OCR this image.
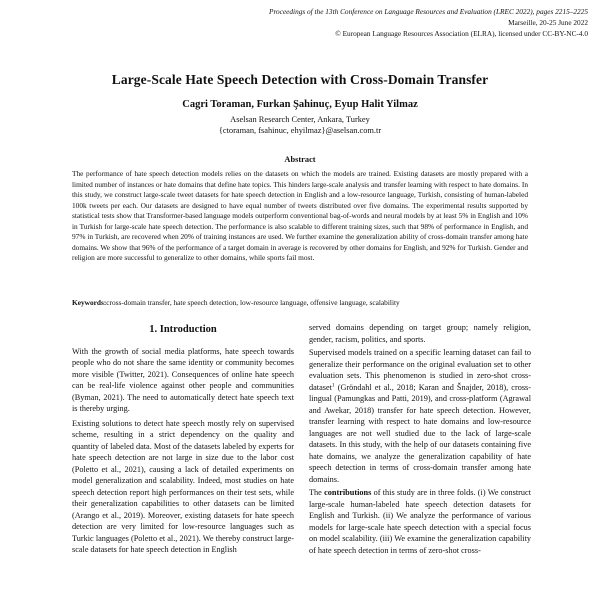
Proceedings of the 13th Conference on Language Resources and Evaluation (LREC 2022), pages 2215–2225
Marseille, 20-25 June 2022
© European Language Resources Association (ELRA), licensed under CC-BY-NC-4.0
Large-Scale Hate Speech Detection with Cross-Domain Transfer
Cagri Toraman, Furkan Şahinuç, Eyup Halit Yilmaz
Aselsan Research Center, Ankara, Turkey
{ctoraman, fsahinuc, ehyilmaz}@aselsan.com.tr
Abstract
The performance of hate speech detection models relies on the datasets on which the models are trained. Existing datasets are mostly prepared with a limited number of instances or hate domains that define hate topics. This hinders large-scale analysis and transfer learning with respect to hate domains. In this study, we construct large-scale tweet datasets for hate speech detection in English and a low-resource language, Turkish, consisting of human-labeled 100k tweets per each. Our datasets are designed to have equal number of tweets distributed over five domains. The experimental results supported by statistical tests show that Transformer-based language models outperform conventional bag-of-words and neural models by at least 5% in English and 10% in Turkish for large-scale hate speech detection. The performance is also scalable to different training sizes, such that 98% of performance in English, and 97% in Turkish, are recovered when 20% of training instances are used. We further examine the generalization ability of cross-domain transfer among hate domains. We show that 96% of the performance of a target domain in average is recovered by other domains for English, and 92% for Turkish. Gender and religion are more successful to generalize to other domains, while sports fail most.
Keywords:cross-domain transfer, hate speech detection, low-resource language, offensive language, scalability
1. Introduction

With the growth of social media platforms, hate speech towards people who do not share the same identity or community becomes more visible (Twitter, 2021). Consequences of online hate speech can be real-life violence against other people and communities (Byman, 2021). The need to automatically detect hate speech text is thereby urging.

Existing solutions to detect hate speech mostly rely on supervised scheme, resulting in a strict dependency on the quality and quantity of labeled data. Most of the datasets labeled by experts for hate speech detection are not large in size due to the labor cost (Poletto et al., 2021), causing a lack of detailed experiments on model generalization and scalability. Indeed, most studies on hate speech detection report high performances on their test sets, while their generalization capabilities to other datasets can be limited (Arango et al., 2019). Moreover, existing datasets for hate speech detection are very limited for low-resource languages such as Turkic languages (Poletto et al., 2021). We thereby construct large-scale datasets for hate speech detection in English

served domains depending on target group; namely religion, gender, racism, politics, and sports.

Supervised models trained on a specific learning dataset can fail to generalize their performance on the original evaluation set to other evaluation sets. This phenomenon is studied in zero-shot cross-dataset$^1$ (Gröndahl et al., 2018; Karan and Šnajder, 2018), cross-lingual (Pamungkas and Patti, 2019), and cross-platform (Agrawal and Awekar, 2018) transfer for hate speech detection. However, transfer learning with respect to hate domains and low-resource languages are not well studied due to the lack of large-scale datasets. In this study, with the help of our datasets containing five hate domains, we analyze the generalization capability of hate speech detection in terms of cross-domain transfer among hate domains.

The contributions of this study are in three folds. (i) We construct large-scale human-labeled hate speech detection datasets for English and Turkish. (ii) We analyze the performance of various models for large-scale hate speech detection with a special focus on model scalability. (iii) We examine the generalization capability of hate speech detection in terms of zero-shot cross-
